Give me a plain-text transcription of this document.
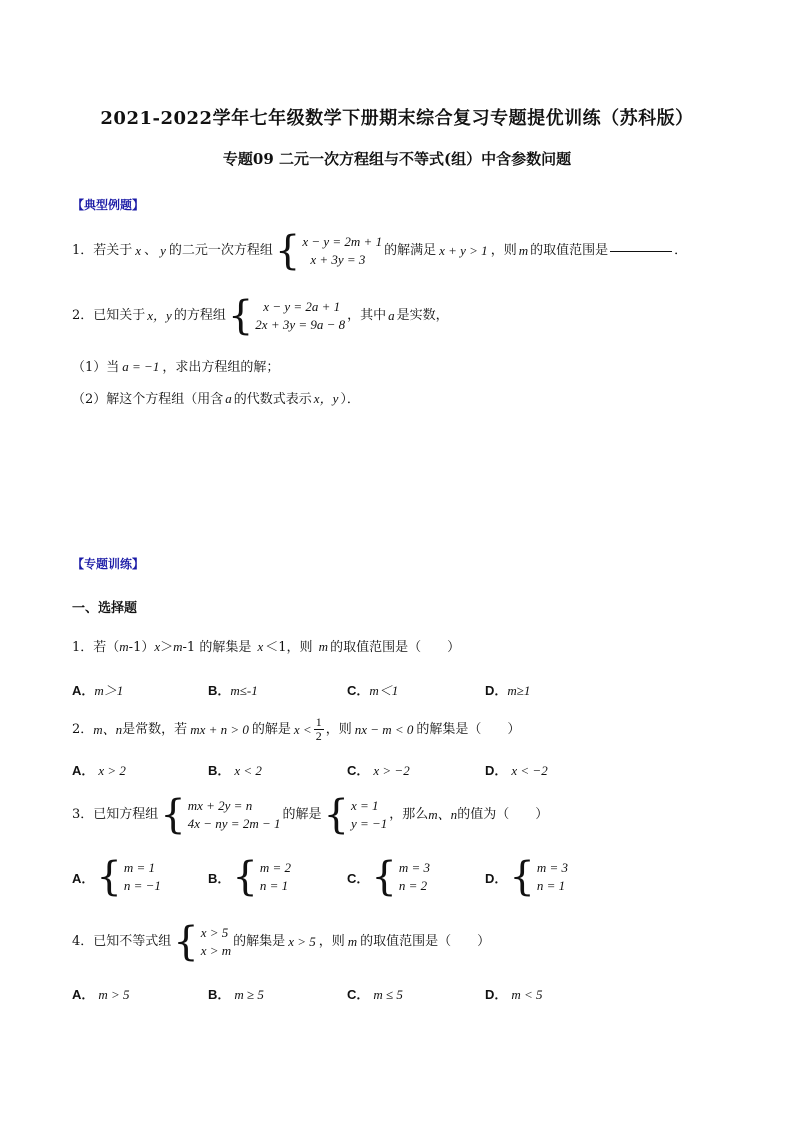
2021-2022学年七年级数学下册期末综合复习专题提优训练（苏科版）
专题09 二元一次方程组与不等式(组）中含参数问题
【典型例题】
1．若关于 x 、 y 的二元一次方程组 { x − y = 2m + 1
x + 3y = 3
的解满足 x + y > 1 ，则 m 的取值范围是	．
2．已知关于 x，y 的方程组 { x − y = 2a + 1
2x + 3y = 9a − 8
，其中 a 是实数，
（1）当 a = −1 ，求出方程组的解；
（2）解这个方程组（用含 a 的代数式表示 x，y ）．
【专题训练】
一、选择题
1．若（m-1）x＞m-1 的解集是 x ＜1，则 m 的取值范围是（　　）
A．m＞1	B．m≤-1	C．m＜1	D．m≥1
2． m、n 是常数，若 mx + n > 0 的解是 $x < \frac{1}{2}$ ，则 nx − m < 0 的解集是（　　）
A． x > 2	B． x < 2	C． x > −2	D． x < −2
3．已知方程组 { mx + 2y = n
4x − ny = 2m − 1
的解是 { x = 1
y = −1
，那么 m、n 的值为（　　）
A． { m = 1
n = −1	B． { m = 2
n = 1	C． { m = 3
n = 2	D． { m = 3
n = 1
4．已知不等式组 { x > 5
x > m
的解集是 x > 5 ，则 m 的取值范围是（　　）
A． m > 5	B． m ≥ 5	C． m ≤ 5	D． m < 5
